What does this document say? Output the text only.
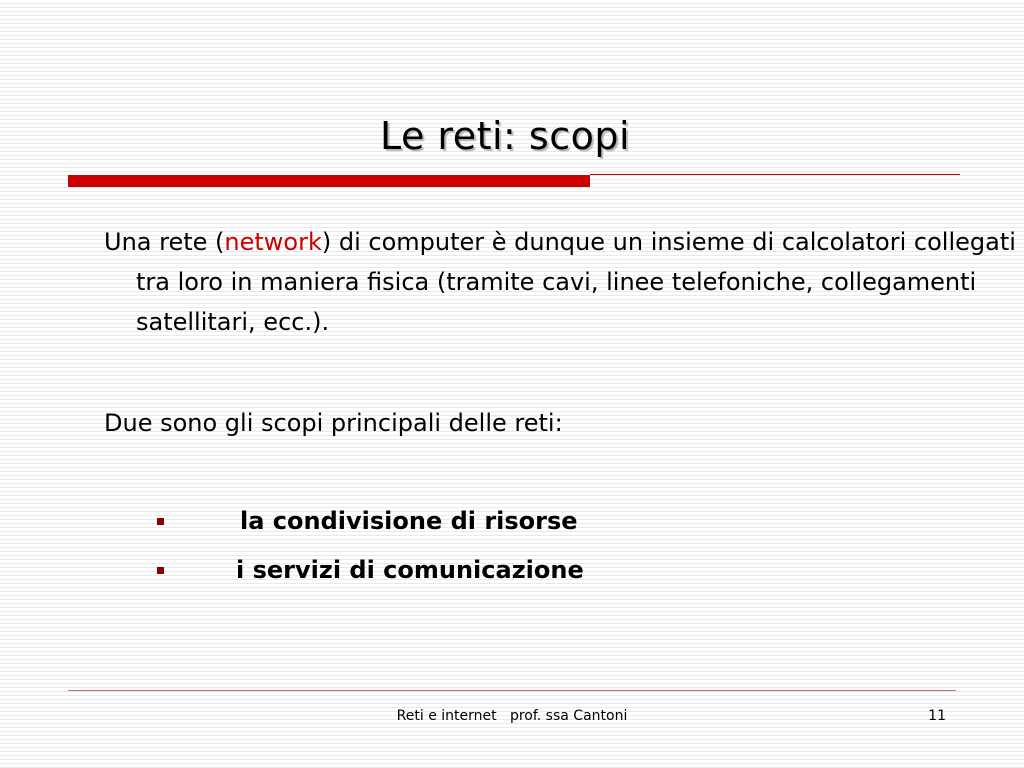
Le reti: scopi

Una rete (network) di computer è dunque un insieme di calcolatori collegati tra loro in maniera fisica (tramite cavi, linee telefoniche, collegamenti satellitari, ecc.).

Due sono gli scopi principali delle reti:

la condivisione di risorse
i servizi di comunicazione
Reti e internet   prof. ssa Cantoni	11
